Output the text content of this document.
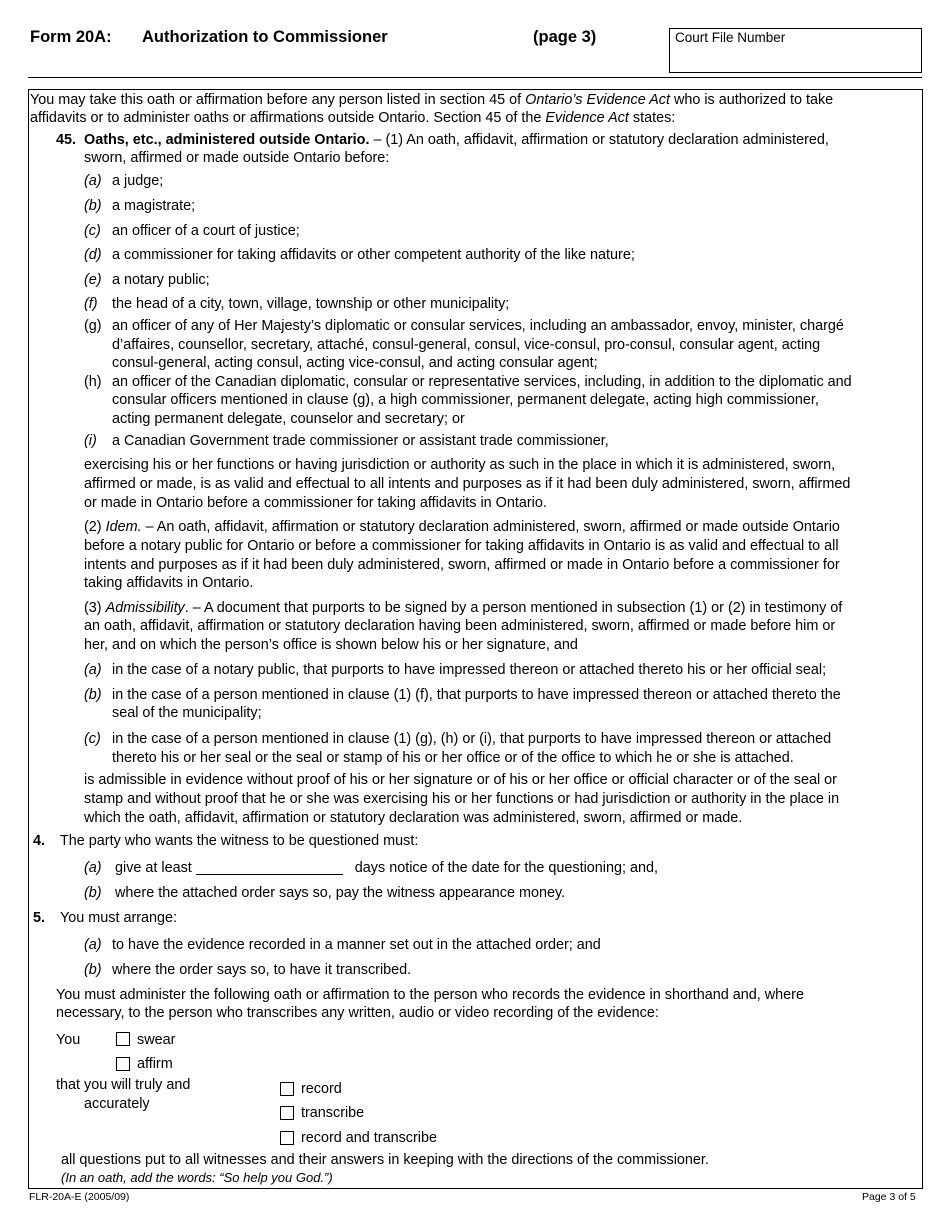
Form 20A: Authorization to Commissioner	(page 3)	Court File Number
You may take this oath or affirmation before any person listed in section 45 of Ontario’s Evidence Act who is authorized to take
affidavits or to administer oaths or affirmations outside Ontario. Section 45 of the Evidence Act states:
45. Oaths, etc., administered outside Ontario. – (1) An oath, affidavit, affirmation or statutory declaration administered,
sworn, affirmed or made outside Ontario before:
(a) a judge;
(b) a magistrate;
(c) an officer of a court of justice;
(d) a commissioner for taking affidavits or other competent authority of the like nature;
(e) a notary public;
(f) the head of a city, town, village, township or other municipality;
(g) an officer of any of Her Majesty’s diplomatic or consular services, including an ambassador, envoy, minister, chargé
d’affaires, counsellor, secretary, attaché, consul-general, consul, vice-consul, pro-consul, consular agent, acting
consul-general, acting consul, acting vice-consul, and acting consular agent;
(h) an officer of the Canadian diplomatic, consular or representative services, including, in addition to the diplomatic and
consular officers mentioned in clause (g), a high commissioner, permanent delegate, acting high commissioner,
acting permanent delegate, counselor and secretary; or
(i) a Canadian Government trade commissioner or assistant trade commissioner,
exercising his or her functions or having jurisdiction or authority as such in the place in which it is administered, sworn,
affirmed or made, is as valid and effectual to all intents and purposes as if it had been duly administered, sworn, affirmed
or made in Ontario before a commissioner for taking affidavits in Ontario.
(2) Idem. – An oath, affidavit, affirmation or statutory declaration administered, sworn, affirmed or made outside Ontario
before a notary public for Ontario or before a commissioner for taking affidavits in Ontario is as valid and effectual to all
intents and purposes as if it had been duly administered, sworn, affirmed or made in Ontario before a commissioner for
taking affidavits in Ontario.
(3) Admissibility. – A document that purports to be signed by a person mentioned in subsection (1) or (2) in testimony of
an oath, affidavit, affirmation or statutory declaration having been administered, sworn, affirmed or made before him or
her, and on which the person’s office is shown below his or her signature, and
(a) in the case of a notary public, that purports to have impressed thereon or attached thereto his or her official seal;
(b) in the case of a person mentioned in clause (1) (f), that purports to have impressed thereon or attached thereto the
seal of the municipality;
(c) in the case of a person mentioned in clause (1) (g), (h) or (i), that purports to have impressed thereon or attached
thereto his or her seal or the seal or stamp of his or her office or of the office to which he or she is attached.
is admissible in evidence without proof of his or her signature or of his or her office or official character or of the seal or
stamp and without proof that he or she was exercising his or her functions or had jurisdiction or authority in the place in
which the oath, affidavit, affirmation or statutory declaration was administered, sworn, affirmed or made.
4. The party who wants the witness to be questioned must:
(a) give at least	days notice of the date for the questioning; and,
(b) where the attached order says so, pay the witness appearance money.
5. You must arrange:
(a) to have the evidence recorded in a manner set out in the attached order; and
(b) where the order says so, to have it transcribed.
You must administer the following oath or affirmation to the person who records the evidence in shorthand and, where
necessary, to the person who transcribes any written, audio or video recording of the evidence:
You	swear
affirm
that you will truly and
accurately
record
transcribe
record and transcribe
all questions put to all witnesses and their answers in keeping with the directions of the commissioner.
(In an oath, add the words: “So help you God.”)
FLR-20A-E (2005/09)	Page 3 of 5
